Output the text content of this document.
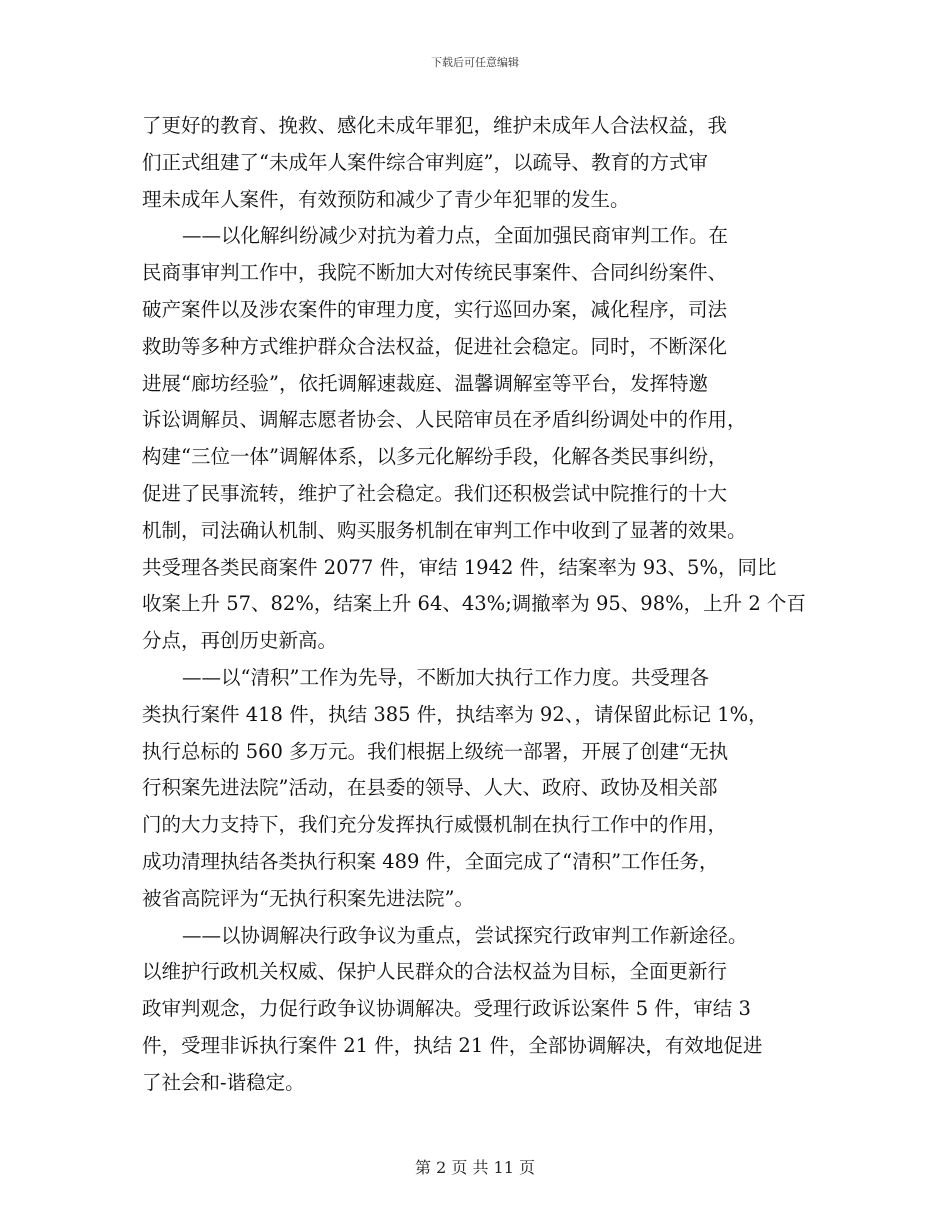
下载后可任意编辑
了更好的教育、挽救、感化未成年罪犯，维护未成年人合法权益，我
们正式组建了“未成年人案件综合审判庭”，以疏导、教育的方式审
理未成年人案件，有效预防和减少了青少年犯罪的发生。
——以化解纠纷减少对抗为着力点，全面加强民商审判工作。在
民商事审判工作中，我院不断加大对传统民事案件、合同纠纷案件、
破产案件以及涉农案件的审理力度，实行巡回办案，减化程序，司法
救助等多种方式维护群众合法权益，促进社会稳定。同时，不断深化
进展“廊坊经验”，依托调解速裁庭、温馨调解室等平台，发挥特邀
诉讼调解员、调解志愿者协会、人民陪审员在矛盾纠纷调处中的作用，
构建“三位一体”调解体系，以多元化解纷手段，化解各类民事纠纷，
促进了民事流转，维护了社会稳定。我们还积极尝试中院推行的十大
机制，司法确认机制、购买服务机制在审判工作中收到了显著的效果。
共受理各类民商案件 2077 件，审结 1942 件，结案率为 93、5%，同比
收案上升 57、82%，结案上升 64、43%;调撤率为 95、98%，上升 2 个百
分点，再创历史新高。
——以“清积”工作为先导，不断加大执行工作力度。共受理各
类执行案件 418 件，执结 385 件，执结率为 92、，请保留此标记 1%，
执行总标的 560 多万元。我们根据上级统一部署，开展了创建“无执
行积案先进法院”活动，在县委的领导、人大、政府、政协及相关部
门的大力支持下，我们充分发挥执行威慑机制在执行工作中的作用，
成功清理执结各类执行积案 489 件，全面完成了“清积”工作任务，
被省高院评为“无执行积案先进法院”。
——以协调解决行政争议为重点，尝试探究行政审判工作新途径。
以维护行政机关权威、保护人民群众的合法权益为目标，全面更新行
政审判观念，力促行政争议协调解决。受理行政诉讼案件 5 件，审结 3
件，受理非诉执行案件 21 件，执结 21 件，全部协调解决，有效地促进
了社会和-谐稳定。
第 2 页 共 11 页
